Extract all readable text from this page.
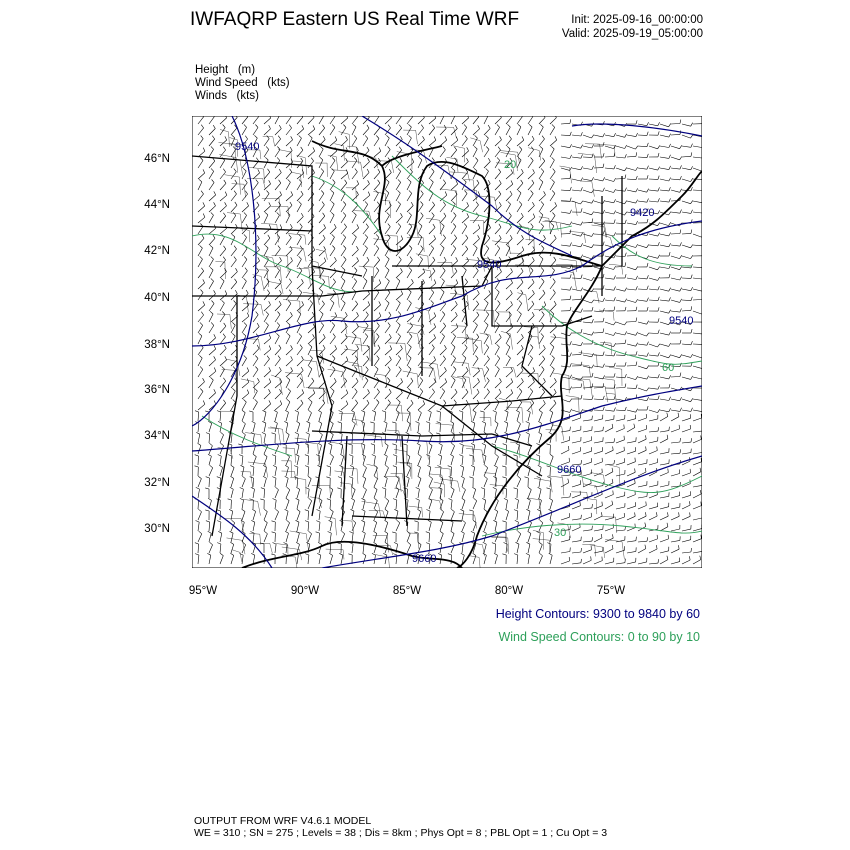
IWFAQRP Eastern US Real Time WRF	Init: 2025-09-16_00:00:00
Valid: 2025-09-19_05:00:00
Height (m)
Wind Speed (kts)
Winds (kts)
9540
9540
9540
9420
9660
9660
20
60
30
46°N
44°N
42°N
40°N
38°N
36°N
34°N
32°N
30°N
95°W	90°W	85°W	80°W	75°W
Height Contours: 9300 to 9840 by 60
Wind Speed Contours: 0 to 90 by 10
OUTPUT FROM WRF V4.6.1 MODEL
WE = 310 ; SN = 275 ; Levels = 38 ; Dis = 8km ; Phys Opt = 8 ; PBL Opt = 1 ; Cu Opt = 3
